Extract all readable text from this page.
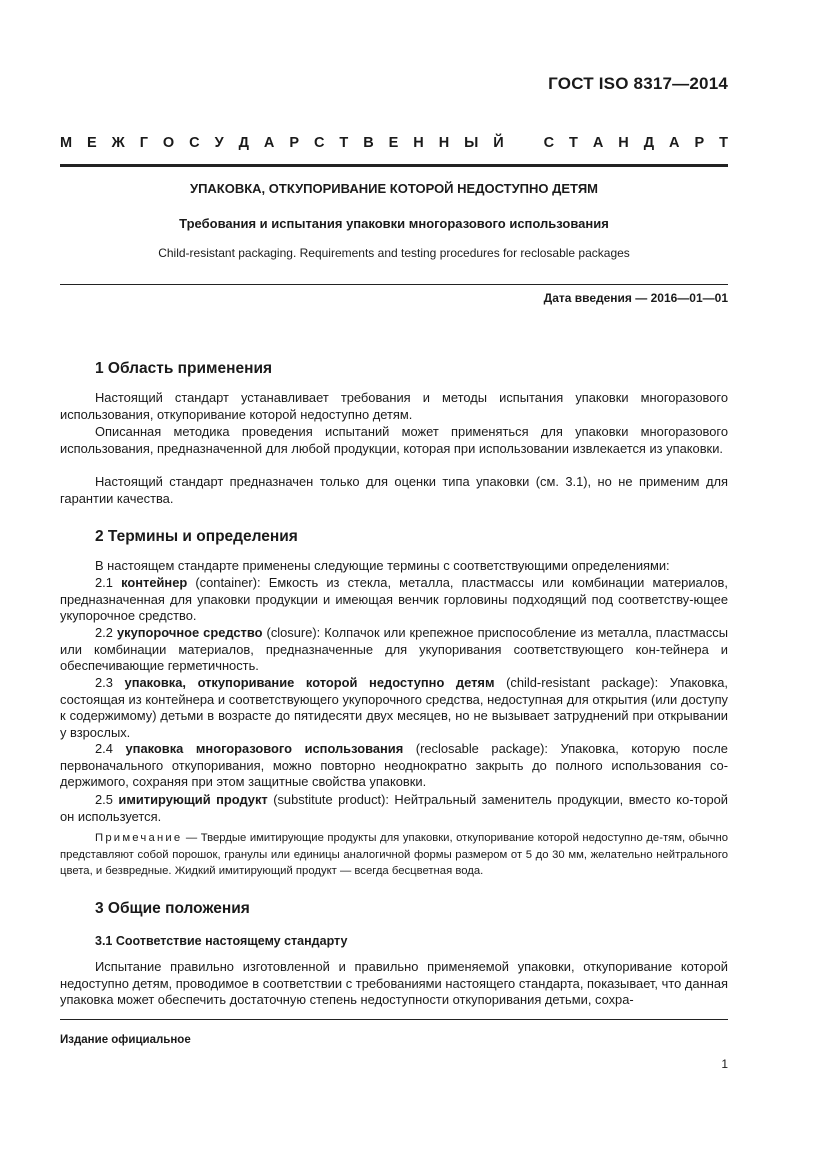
ГОСТ ISO 8317—2014
М Е Ж Г О С У Д А Р С Т В Е Н Н Ы Й	С Т А Н Д А Р Т
УПАКОВКА, ОТКУПОРИВАНИЕ КОТОРОЙ НЕДОСТУПНО ДЕТЯМ
Требования и испытания упаковки многоразового использования
Child-resistant packaging. Requirements and testing procedures for reclosable packages
Дата введения — 2016—01—01
1 Область применения
Настоящий стандарт устанавливает требования и методы испытания упаковки многоразового использования, откупоривание которой недоступно детям.
Описанная методика проведения испытаний может применяться для упаковки многоразового использования, предназначенной для любой продукции, которая при использовании извлекается из упаковки.
Настоящий стандарт предназначен только для оценки типа упаковки (см. 3.1), но не применим для гарантии качества.
2 Термины и определения
В настоящем стандарте применены следующие термины с соответствующими определениями:
2.1 контейнер (container): Емкость из стекла, металла, пластмассы или комбинации материалов, предназначенная для упаковки продукции и имеющая венчик горловины подходящий под соответству-ющее укупорочное средство.
2.2 укупорочное средство (closure): Колпачок или крепежное приспособление из металла, пластмассы или комбинации материалов, предназначенные для укупоривания соответствующего кон-тейнера и обеспечивающие герметичность.
2.3 упаковка, откупоривание которой недоступно детям (child-resistant package): Упаковка, состоящая из контейнера и соответствующего укупорочного средства, недоступная для открытия (или доступу к содержимому) детьми в возрасте до пятидесяти двух месяцев, но не вызывает затруднений при открывании у взрослых.
2.4 упаковка многоразового использования (reclosable package): Упаковка, которую после первоначального откупоривания, можно повторно неоднократно закрыть до полного использования со-держимого, сохраняя при этом защитные свойства упаковки.
2.5 имитирующий продукт (substitute product): Нейтральный заменитель продукции, вместо ко-торой он используется.
Примечание — Твердые имитирующие продукты для упаковки, откупоривание которой недоступно де-тям, обычно представляют собой порошок, гранулы или единицы аналогичной формы размером от 5 до 30 мм, желательно нейтрального цвета, и безвредные. Жидкий имитирующий продукт — всегда бесцветная вода.
3 Общие положения
3.1 Соответствие настоящему стандарту
Испытание правильно изготовленной и правильно применяемой упаковки, откупоривание которой недоступно детям, проводимое в соответствии с требованиями настоящего стандарта, показывает, что данная упаковка может обеспечить достаточную степень недоступности откупоривания детьми, сохра-
Издание официальное
1
